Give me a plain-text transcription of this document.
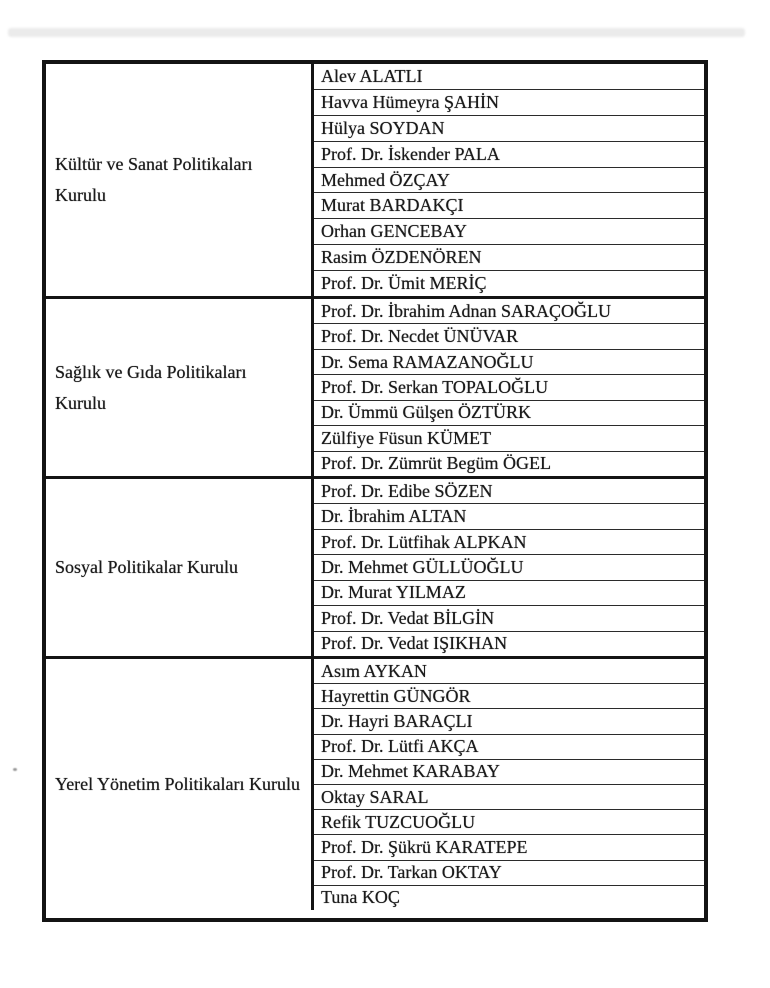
Kültür ve Sanat Politikaları Kurulu
Alev ALATLI
Havva Hümeyra ŞAHİN
Hülya SOYDAN
Prof. Dr. İskender PALA
Mehmed ÖZÇAY
Murat BARDAKÇI
Orhan GENCEBAY
Rasim ÖZDENÖREN
Prof. Dr. Ümit MERİÇ
Sağlık ve Gıda Politikaları Kurulu
Prof. Dr. İbrahim Adnan SARAÇOĞLU
Prof. Dr. Necdet ÜNÜVAR
Dr. Sema RAMAZANOĞLU
Prof. Dr. Serkan TOPALOĞLU
Dr. Ümmü Gülşen ÖZTÜRK
Zülfiye Füsun KÜMET
Prof. Dr. Zümrüt Begüm ÖGEL
Sosyal Politikalar Kurulu
Prof. Dr. Edibe SÖZEN
Dr. İbrahim ALTAN
Prof. Dr. Lütfihak ALPKAN
Dr. Mehmet GÜLLÜOĞLU
Dr. Murat YILMAZ
Prof. Dr. Vedat BİLGİN
Prof. Dr. Vedat IŞIKHAN
Yerel Yönetim Politikaları Kurulu
Asım AYKAN
Hayrettin GÜNGÖR
Dr. Hayri BARAÇLI
Prof. Dr. Lütfi AKÇA
Dr. Mehmet KARABAY
Oktay SARAL
Refik TUZCUOĞLU
Prof. Dr. Şükrü KARATEPE
Prof. Dr. Tarkan OKTAY
Tuna KOÇ
